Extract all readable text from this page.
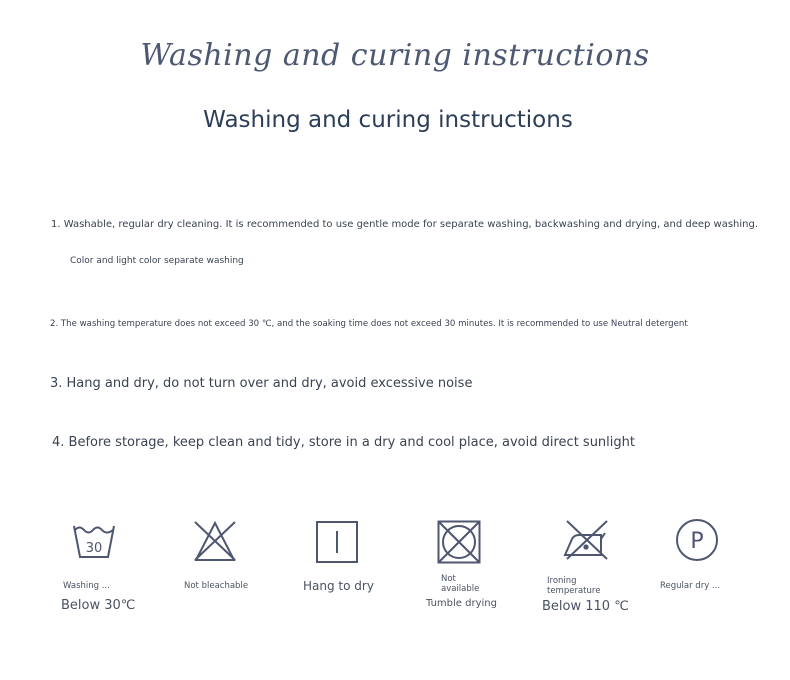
Washing and curing instructions
Washing and curing instructions
1. Washable, regular dry cleaning. It is recommended to use gentle mode for separate washing, backwashing and drying, and deep washing.
Color and light color separate washing
2. The washing temperature does not exceed 30 ℃, and the soaking time does not exceed 30 minutes. It is recommended to use Neutral detergent
3. Hang and dry, do not turn over and dry, avoid excessive noise
4. Before storage, keep clean and tidy, store in a dry and cool place, avoid direct sunlight
30
Washing ...
Below 30℃
Not bleachable	Hang to dry	Not
available
Tumble drying
Ironing
temperature
Below 110 ℃
P
Regular dry ...
